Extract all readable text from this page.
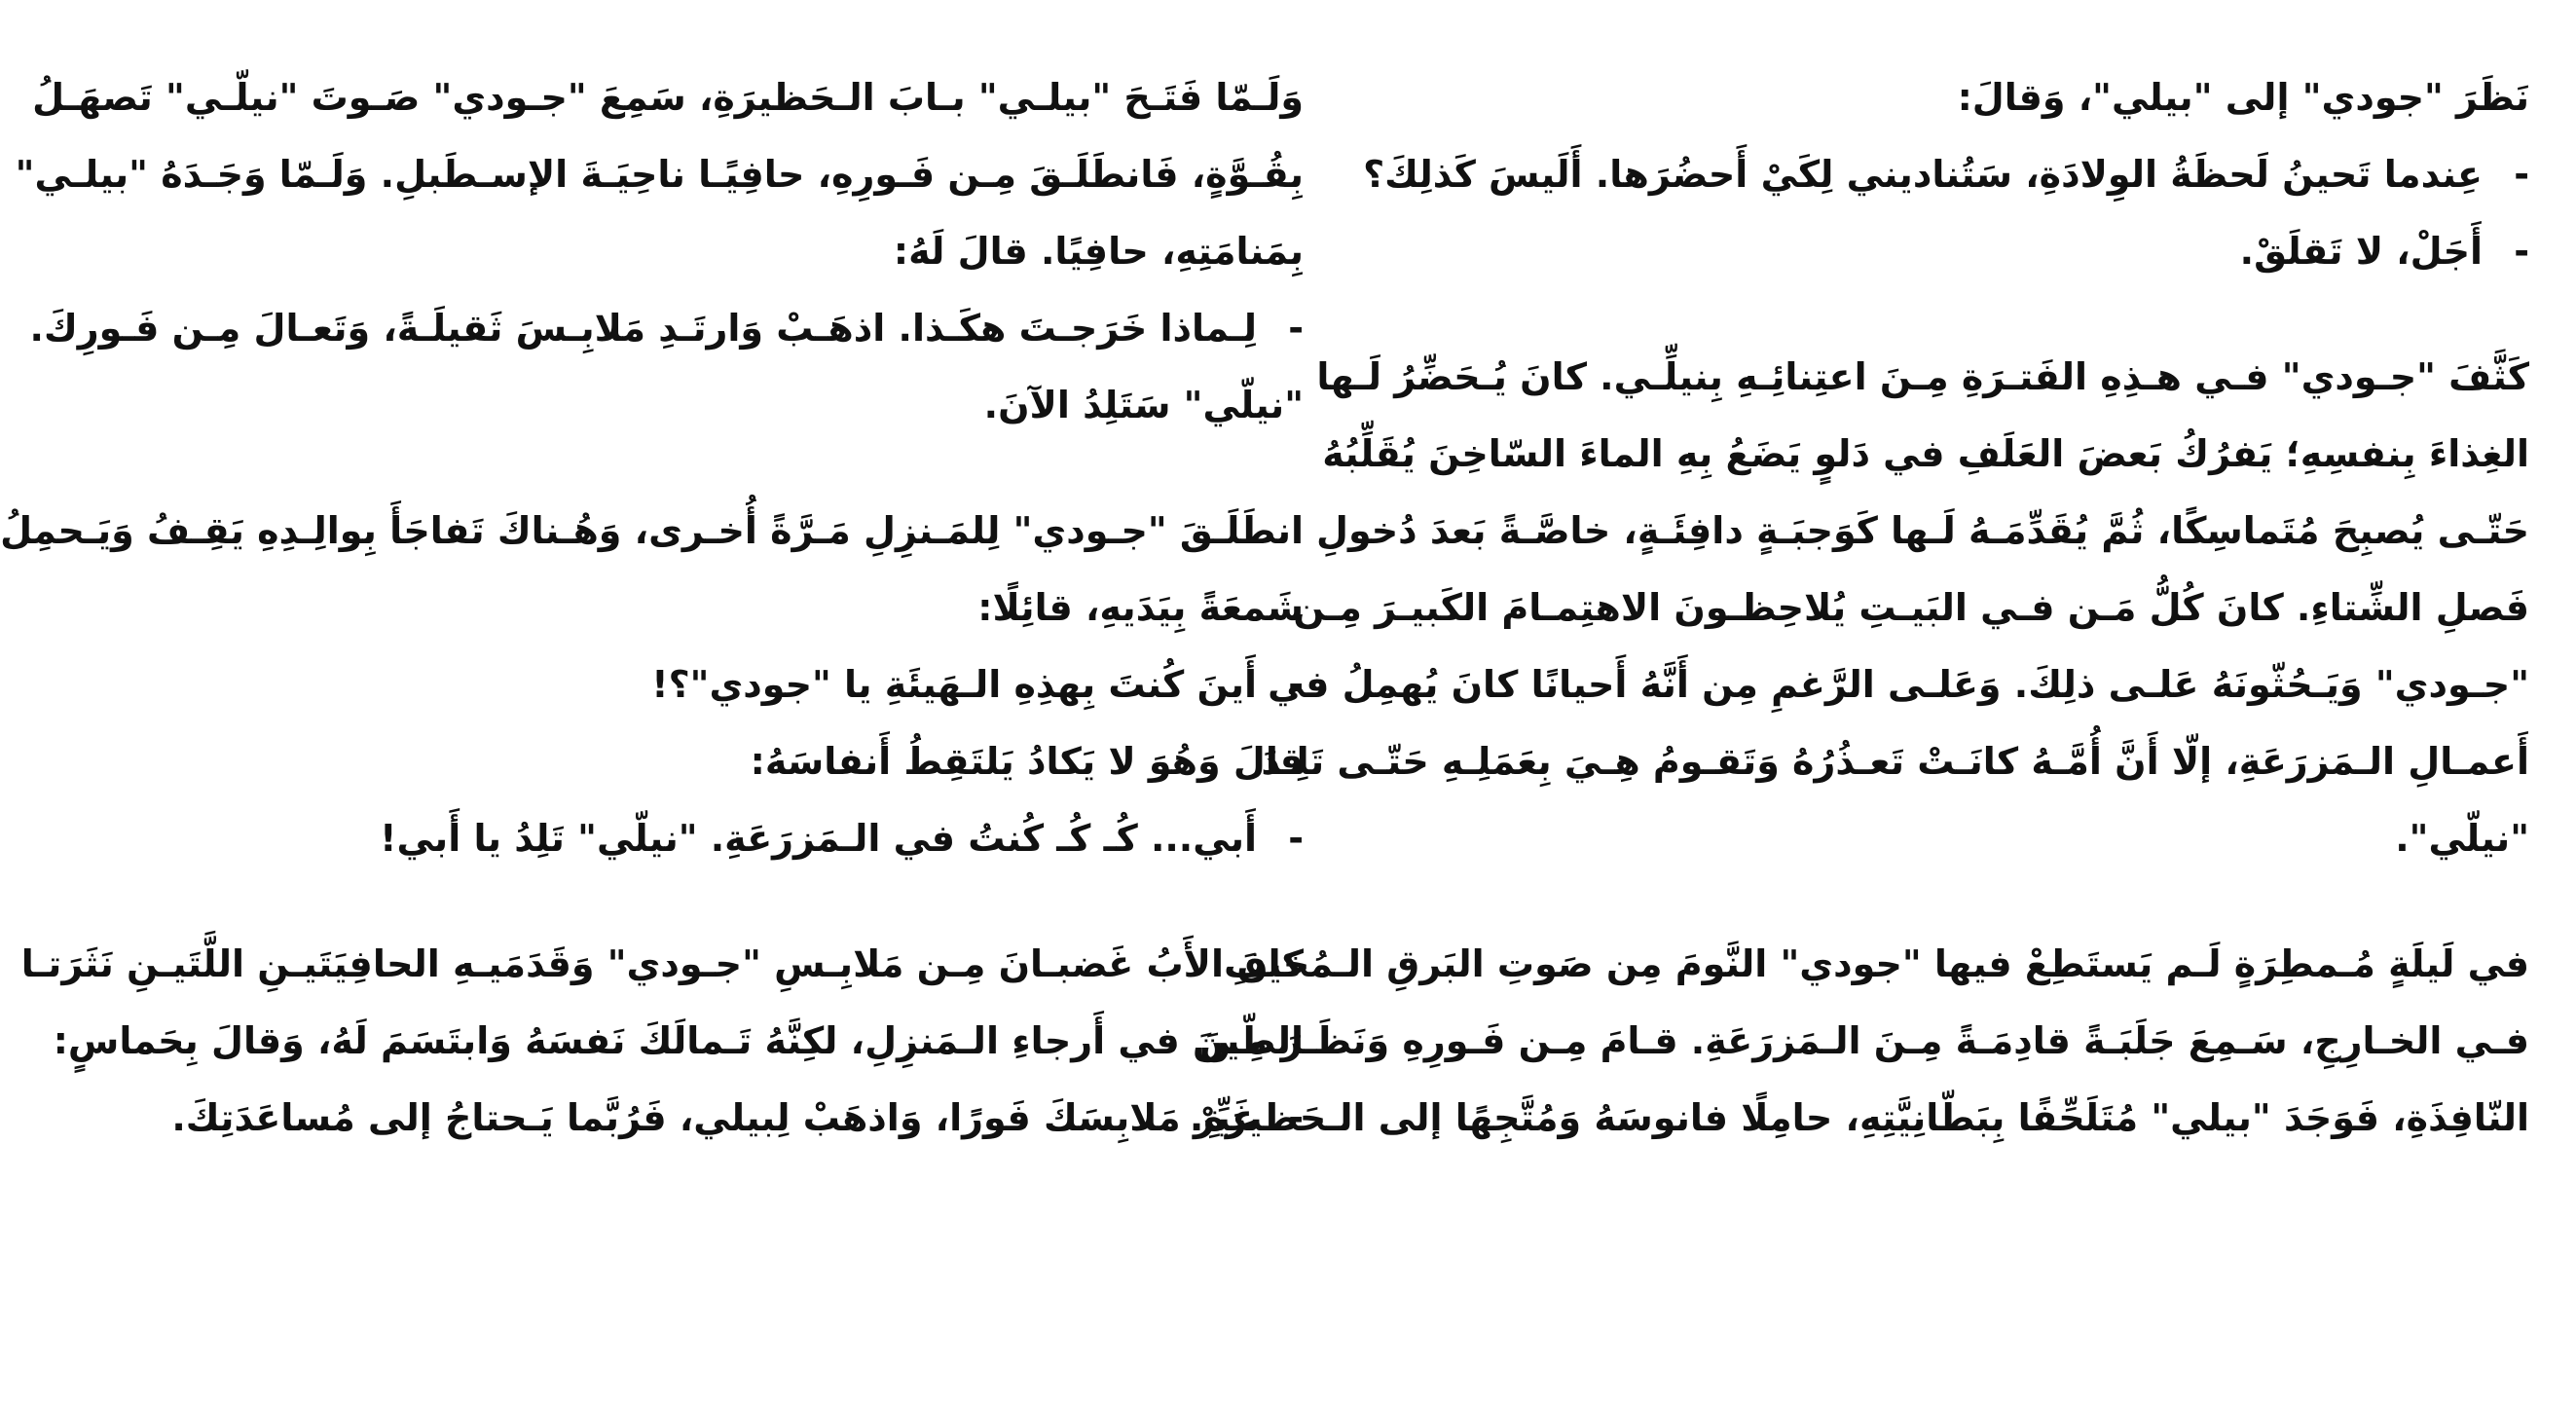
نَظَرَ "جودي" إلى "بيلي"، وَقالَ:
- عِندما تَحينُ لَحظَةُ الوِلادَةِ، سَتُناديني لِكَيْ أَحضُرَها. أَلَيسَ كَذلِكَ؟
- أَجَلْ، لا تَقلَقْ.
كَثَّفَ "جـودي" فـي هـذِهِ الفَتـرَةِ مِـنَ اعتِنائِـهِ بِنيلِّـي. كانَ يُـحَضِّرُ لَـها
الغِذاءَ بِنفسِهِ؛ يَفرُكُ بَعضَ العَلَفِ في دَلوٍ يَضَعُ بِهِ الماءَ السّاخِنَ يُقَلِّبُهُ
حَتّـى يُصبِحَ مُتَماسِكًا، ثُمَّ يُقَدِّمَـهُ لَـها كَوَجبَـةٍ دافِئَـةٍ، خاصَّـةً بَعدَ دُخولِ
فَصلِ الشِّتاءِ. كانَ كُلُّ مَـن فـي البَيـتِ يُلاحِظـونَ الاهتِمـامَ الكَبيـرَ مِـن
"جـودي" وَيَـحُثّونَهُ عَلـى ذلِكَ. وَعَلـى الرَّغمِ مِن أَنَّهُ أَحيانًا كانَ يُهمِلُ في
أَعمـالِ الـمَزرَعَةِ، إلّا أَنَّ أُمَّـهُ كانَـتْ تَعـذُرُهُ وَتَقـومُ هِـيَ بِعَمَلِـهِ حَتّـى تَلِـدَ
"نيلّي".
في لَيلَةٍ مُـمطِرَةٍ لَـم يَستَطِعْ فيها "جودي" النَّومَ مِن صَوتِ البَرقِ الـمُخيفِ
فـي الخـارِجِ، سَـمِعَ جَلَبَـةً قادِمَـةً مِـنَ الـمَزرَعَةِ. قـامَ مِـن فَـورِهِ وَنَظَـرَ مِـنَ
النّافِذَةِ، فَوَجَدَ "بيلي" مُتَلَحِّفًا بِبَطّانِيَّتِهِ، حامِلًا فانوسَهُ وَمُتَّجِهًا إلى الـحَظيرَةِ.
وَلَـمّا فَتَـحَ "بيلـي" بـابَ الـحَظيرَةِ، سَمِعَ "جـودي" صَـوتَ "نيلّـي" تَصهَـلُ
بِقُـوَّةٍ، فَانطَلَـقَ مِـن فَـورِهِ، حافِيًـا ناحِيَـةَ الإسـطَبلِ. وَلَـمّا وَجَـدَهُ "بيلـي"
بِمَنامَتِهِ، حافِيًا. قالَ لَهُ:
- لِـماذا خَرَجـتَ هكَـذا. اذهَـبْ وَارتَـدِ مَلابِـسَ ثَقيلَـةً، وَتَعـالَ مِـن فَـورِكَ.
"نيلّي" سَتَلِدُ الآنَ.
انطَلَـقَ "جـودي" لِلمَـنزِلِ مَـرَّةً أُخـرى، وَهُـناكَ تَفاجَأَ بِوالِـدِهِ يَقِـفُ وَيَـحمِلُ
شَمعَةً بِيَدَيهِ، قائِلًا:
- أَينَ كُنتَ بِهذِهِ الـهَيئَةِ يا "جودي"؟!
قالَ وَهُوَ لا يَكادُ يَلتَقِطُ أَنفاسَهُ:
- أَبي... كُـ كُـ كُنتُ في الـمَزرَعَةِ. "نيلّي" تَلِدُ يا أَبي!
كانَ الأَبُ غَضبـانَ مِـن مَلابِـسِ "جـودي" وَقَدَمَيـهِ الحافِيَتَيـنِ اللَّتَيـنِ نَثَرَتـا
الطّينَ في أَرجاءِ الـمَنزِلِ، لكِنَّهُ تَـمالَكَ نَفسَهُ وَابتَسَمَ لَهُ، وَقالَ بِحَماسٍ:
- غَيِّرْ مَلابِسَكَ فَورًا، وَاذهَبْ لِبيلي، فَرُبَّما يَـحتاجُ إلى مُساعَدَتِكَ.
